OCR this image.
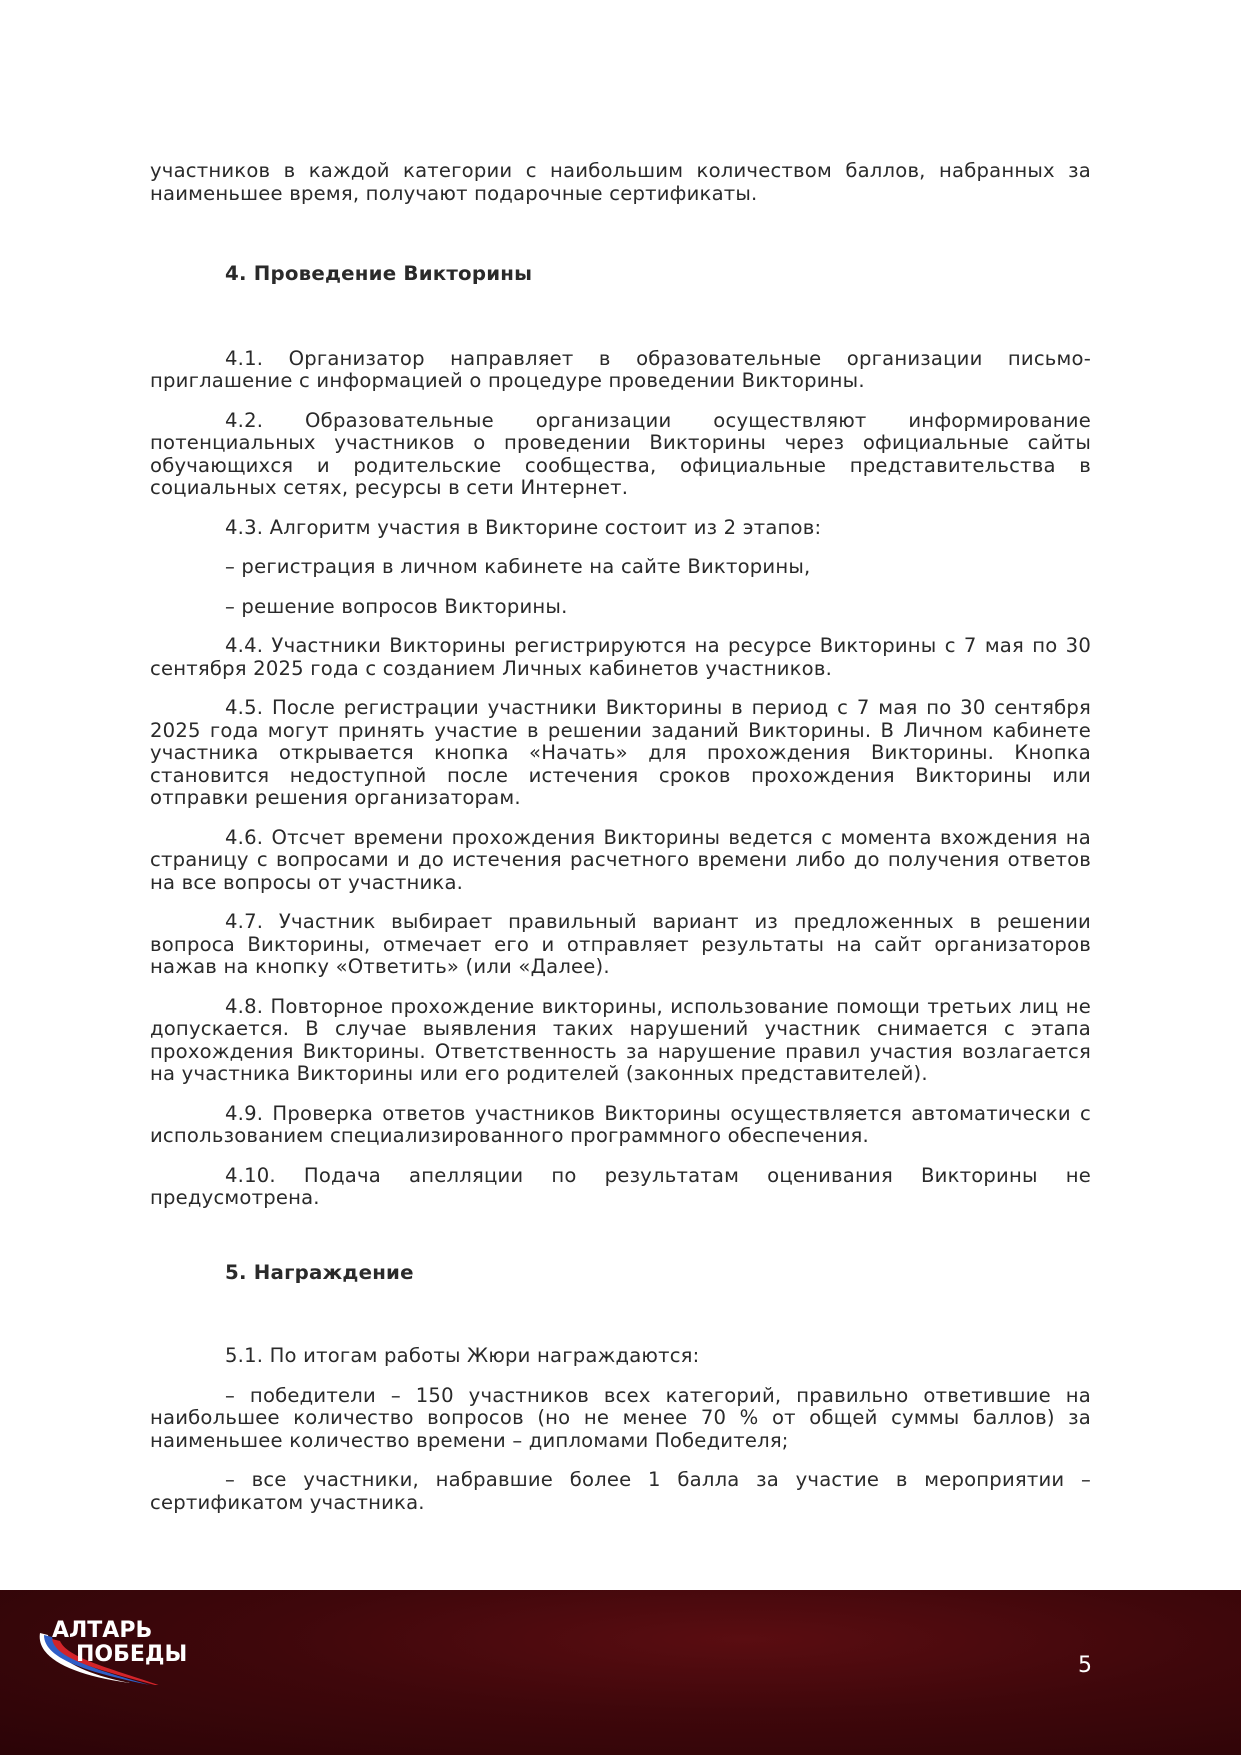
участников в каждой категории с наибольшим количеством баллов, набранных за наименьшее время, получают подарочные сертификаты.

4. Проведение Викторины

4.1. Организатор направляет в образовательные организации письмо-приглашение с информацией о процедуре проведении Викторины.

4.2. Образовательные организации осуществляют информирование потенциальных участников о проведении Викторины через официальные сайты обучающихся и родительские сообщества, официальные представительства в социальных сетях, ресурсы в сети Интернет.

4.3. Алгоритм участия в Викторине состоит из 2 этапов:

– регистрация в личном кабинете на сайте Викторины,

– решение вопросов Викторины.

4.4. Участники Викторины регистрируются на ресурсе Викторины с 7 мая по 30 сентября 2025 года с созданием Личных кабинетов участников.

4.5. После регистрации участники Викторины в период с 7 мая по 30 сентября 2025 года могут принять участие в решении заданий Викторины. В Личном кабинете участника открывается кнопка «Начать» для прохождения Викторины. Кнопка становится недоступной после истечения сроков прохождения Викторины или отправки решения организаторам.

4.6. Отсчет времени прохождения Викторины ведется с момента вхождения на страницу с вопросами и до истечения расчетного времени либо до получения ответов на все вопросы от участника.

4.7. Участник выбирает правильный вариант из предложенных в решении вопроса Викторины, отмечает его и отправляет результаты на сайт организаторов нажав на кнопку «Ответить» (или «Далее).

4.8. Повторное прохождение викторины, использование помощи третьих лиц не допускается. В случае выявления таких нарушений участник снимается с этапа прохождения Викторины. Ответственность за нарушение правил участия возлагается на участника Викторины или его родителей (законных представителей).

4.9. Проверка ответов участников Викторины осуществляется автоматически с использованием специализированного программного обеспечения.

4.10. Подача апелляции по результатам оценивания Викторины не предусмотрена.

5. Награждение

5.1. По итогам работы Жюри награждаются:

– победители – 150 участников всех категорий, правильно ответившие на наибольшее количество вопросов (но не менее 70 % от общей суммы баллов) за наименьшее количество времени – дипломами Победителя;

– все участники, набравшие более 1 балла за участие в мероприятии – сертификатом участника.

АЛТАРЬ
ПОБЕДЫ	5
